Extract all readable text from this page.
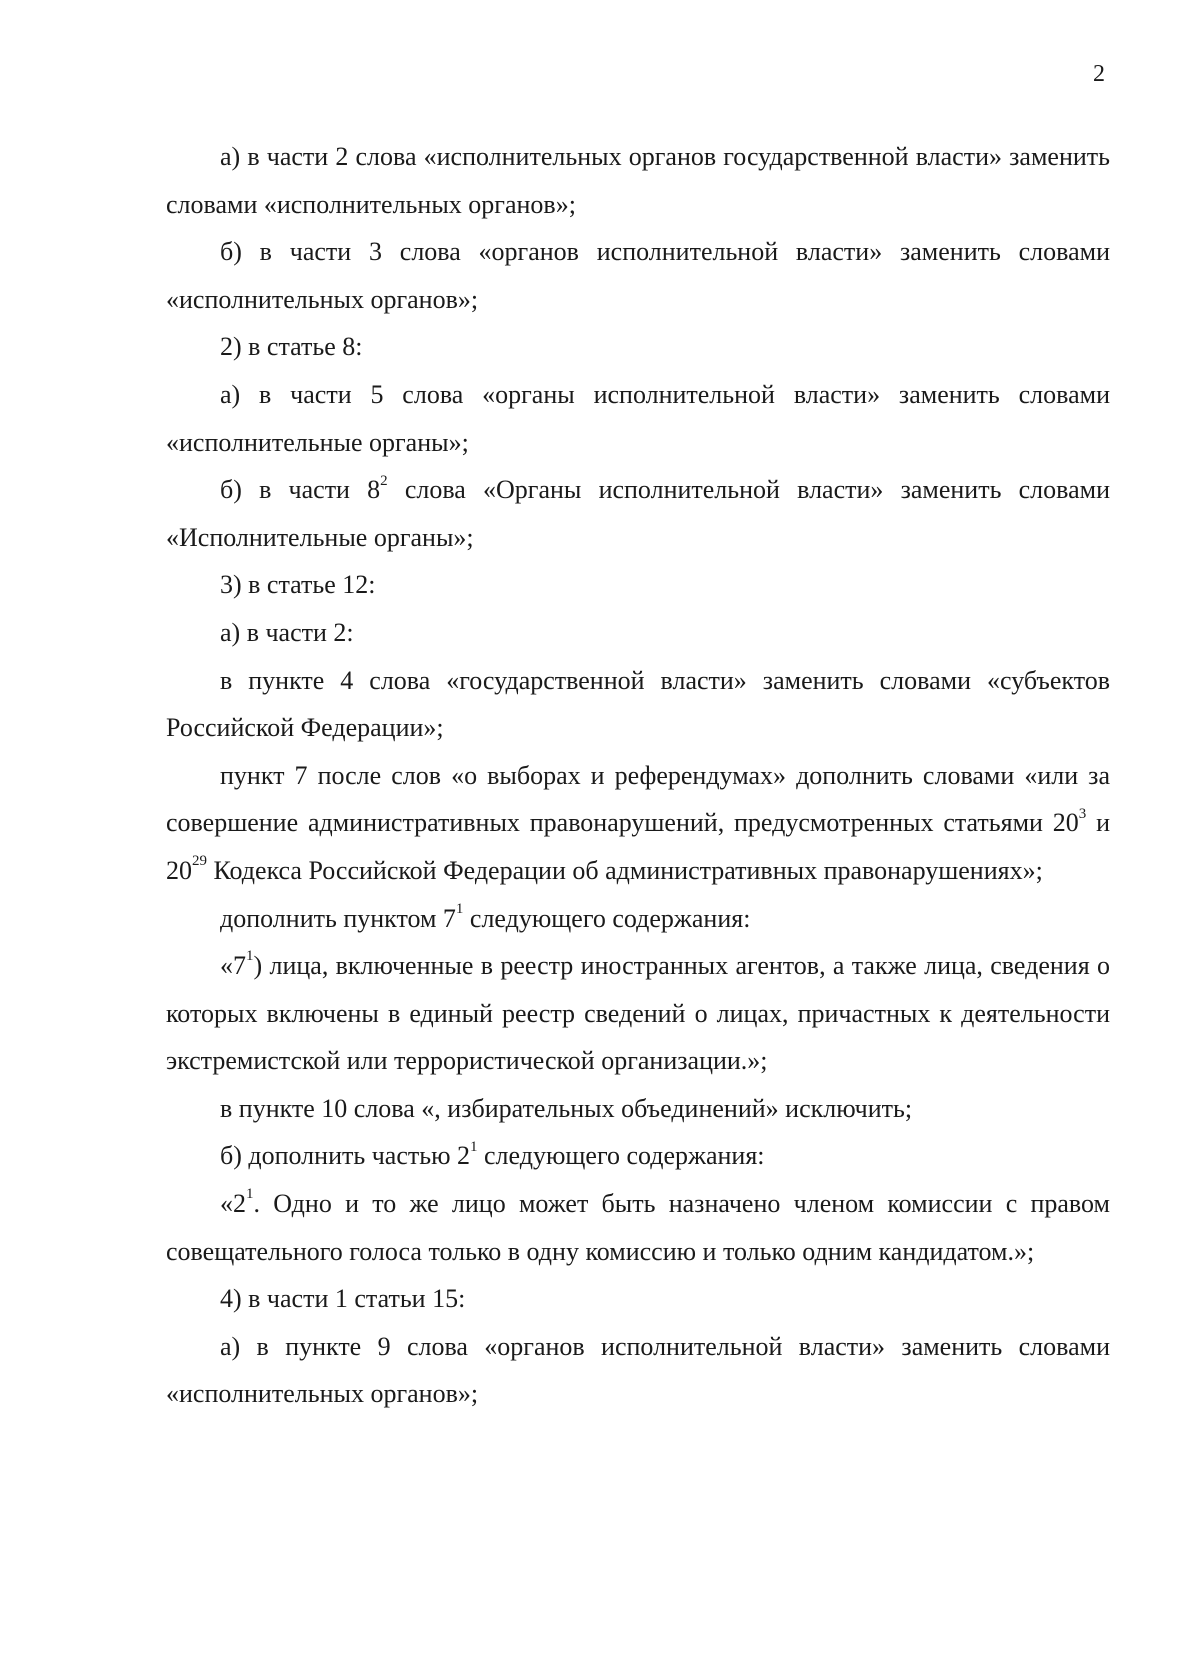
2

а) в части 2 слова «исполнительных органов государственной власти» заменить словами «исполнительных органов»;

б) в части 3 слова «органов исполнительной власти» заменить словами «исполнительных органов»;

2) в статье 8:

а) в части 5 слова «органы исполнительной власти» заменить словами «исполнительные органы»;

б) в части $8^2$ слова «Органы исполнительной власти» заменить словами «Исполнительные органы»;

3) в статье 12:

а) в части 2:

в пункте 4 слова «государственной власти» заменить словами «субъектов Российской Федерации»;

пункт 7 после слов «о выборах и референдумах» дополнить словами «или за совершение административных правонарушений, предусмотренных статьями $20^3$ и $20^{29}$ Кодекса Российской Федерации об административных правонарушениях»;

дополнить пунктом $7^1$ следующего содержания:

«$7^1$) лица, включенные в реестр иностранных агентов, а также лица, сведения о которых включены в единый реестр сведений о лицах, причастных к деятельности экстремистской или террористической организации.»;

в пункте 10 слова «, избирательных объединений» исключить;

б) дополнить частью $2^1$ следующего содержания:

«$2^1$. Одно и то же лицо может быть назначено членом комиссии с правом совещательного голоса только в одну комиссию и только одним кандидатом.»;

4) в части 1 статьи 15:

а) в пункте 9 слова «органов исполнительной власти» заменить словами «исполнительных органов»;
